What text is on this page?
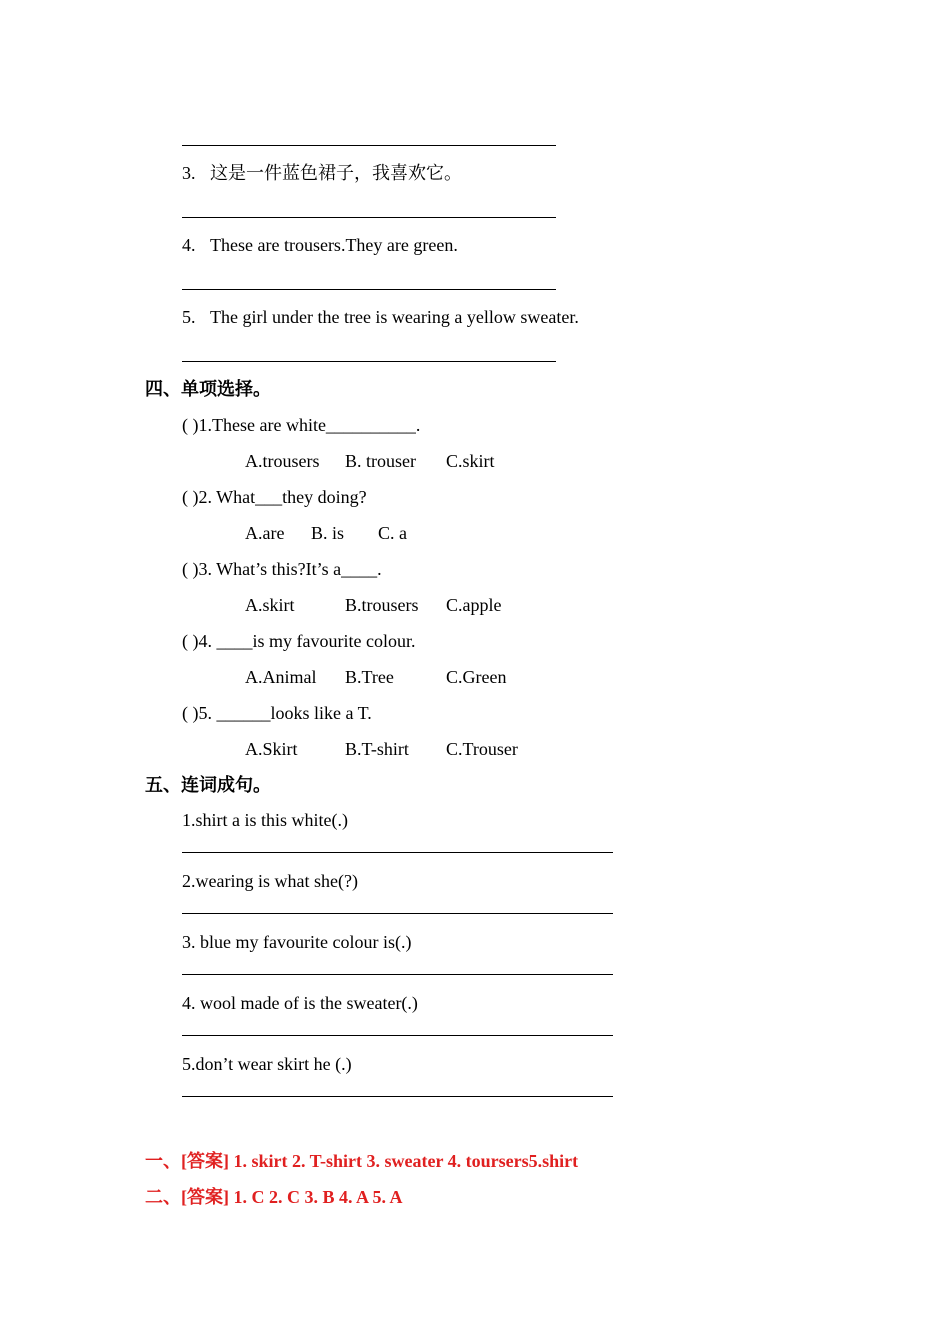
3. 这是一件蓝色裙子，我喜欢它。
4. These are trousers.They are green.
5. The girl under the tree is wearing a yellow sweater.
四、单项选择。
( )1.These are white__________.
A.trousers B. trouser C.skirt
( )2. What___they doing?
A.are B. is C. a
( )3. What’s this?It’s a____.
A.skirt	B.trousers C.apple
( )4. ____is my favourite colour.
A.Animal B.Tree	C.Green
( )5. ______looks like a T.
A.Skirt	B.T-shirt C.Trouser
五、连词成句。
1.shirt a is this white(.)
2.wearing is what she(?)
3. blue my favourite colour is(.)
4. wool made of is the sweater(.)
5.don’t wear skirt he (.)
一、[答案] 1. skirt 2. T-shirt 3. sweater 4. toursers5.shirt
二、[答案] 1. C 2. C 3. B 4. A 5. A
